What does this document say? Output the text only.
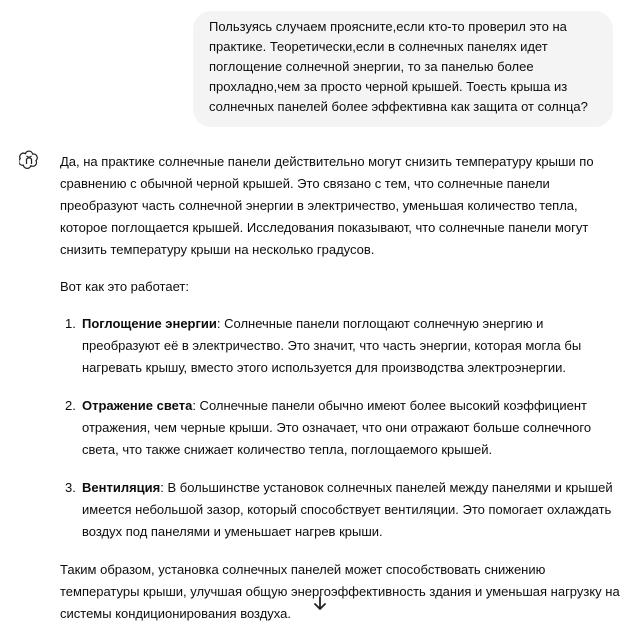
Пользуясь случаем проясните,если кто-то проверил это на практике. Теоретически,если в солнечных панелях идет поглощение солнечной энергии, то за панелью более прохладно,чем за просто черной крышей. Тоесть крыша из солнечных панелей более эффективна как защита от солнца?

Да, на практике солнечные панели действительно могут снизить температуру крыши по сравнению с обычной черной крышей. Это связано с тем, что солнечные панели преобразуют часть солнечной энергии в электричество, уменьшая количество тепла, которое поглощается крышей. Исследования показывают, что солнечные панели могут снизить температуру крыши на несколько градусов.

Вот как это работает:

1. Поглощение энергии: Солнечные панели поглощают солнечную энергию и преобразуют её в электричество. Это значит, что часть энергии, которая могла бы нагревать крышу, вместо этого используется для производства электроэнергии.
2. Отражение света: Солнечные панели обычно имеют более высокий коэффициент отражения, чем черные крыши. Это означает, что они отражают больше солнечного света, что также снижает количество тепла, поглощаемого крышей.
3. Вентиляция: В большинстве установок солнечных панелей между панелями и крышей имеется небольшой зазор, который способствует вентиляции. Это помогает охлаждать воздух под панелями и уменьшает нагрев крыши.

Таким образом, установка солнечных панелей может способствовать снижению температуры крыши, улучшая общую энергоэффективность здания и уменьшая нагрузку на системы кондиционирования воздуха.
